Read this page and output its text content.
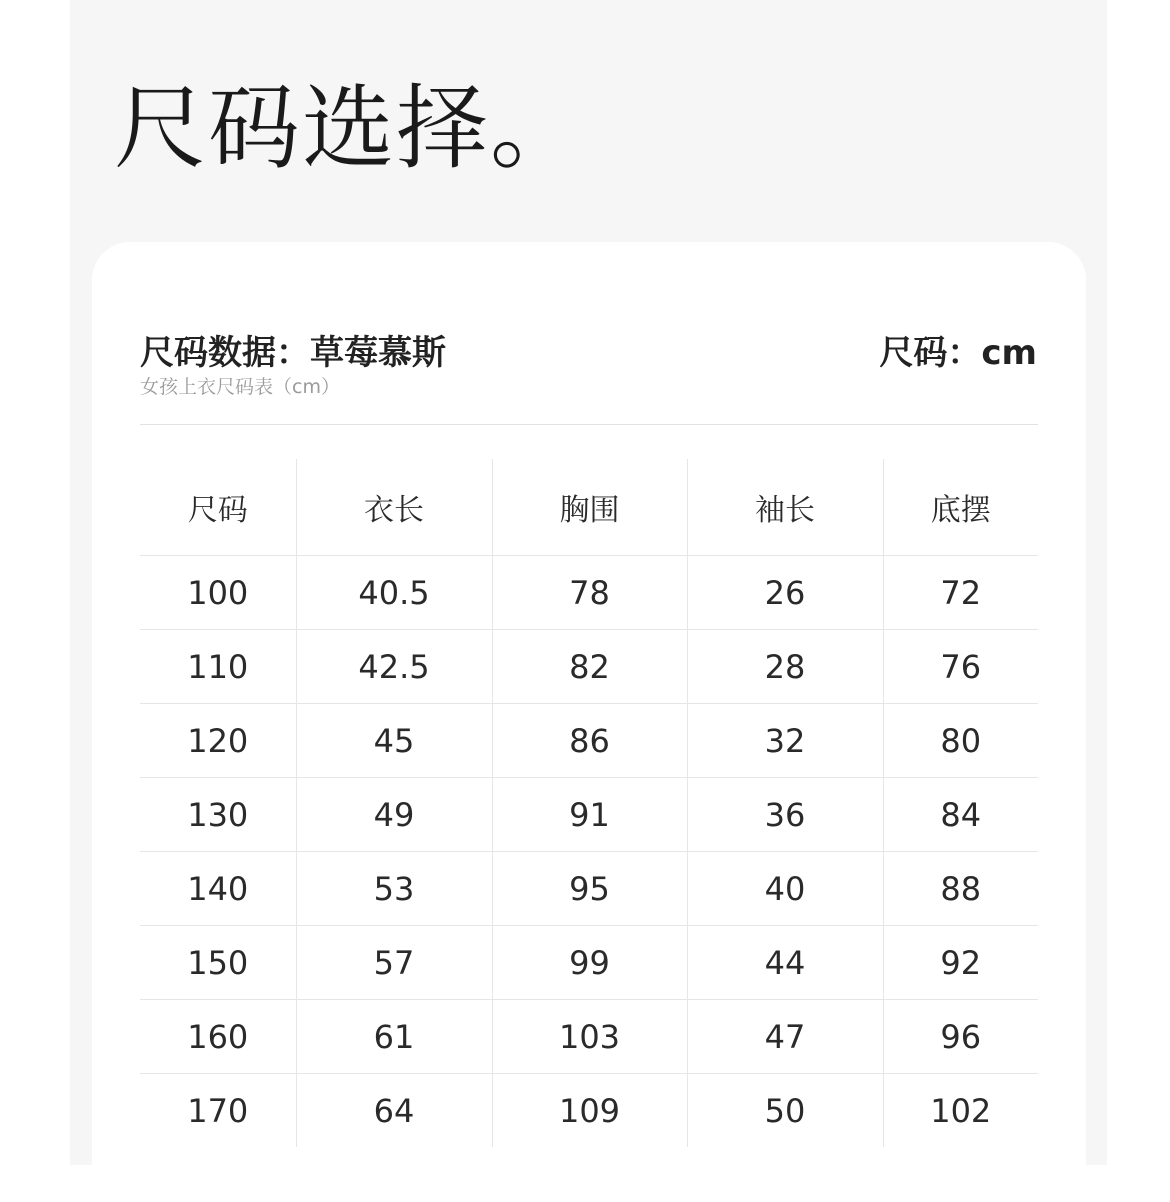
尺码选择。
尺码数据：草莓慕斯
女孩上衣尺码表（cm）
尺码：cm
尺码	衣长	胸围	袖长	底摆
100	40.5	78	26	72
110	42.5	82	28	76
120	45	86	32	80
130	49	91	36	84
140	53	95	40	88
150	57	99	44	92
160	61	103	47	96
170	64	109	50	102
